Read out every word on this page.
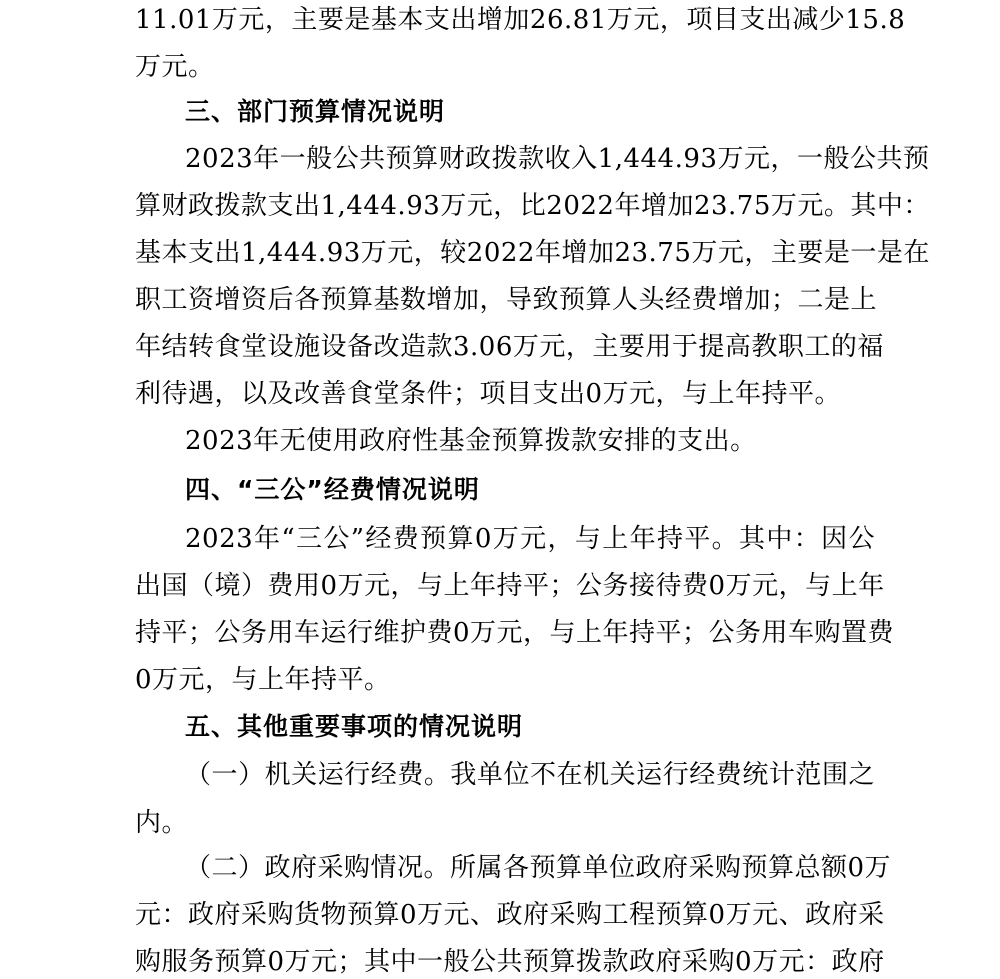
11.01万元，主要是基本支出增加26.81万元，项目支出减少15.8
万元。
三、部门预算情况说明
2023年一般公共预算财政拨款收入1,444.93万元，一般公共预
算财政拨款支出1,444.93万元，比2022年增加23.75万元。其中：
基本支出1,444.93万元，较2022年增加23.75万元，主要是一是在
职工资增资后各预算基数增加，导致预算人头经费增加；二是上
年结转食堂设施设备改造款3.06万元，主要用于提高教职工的福
利待遇，以及改善食堂条件；项目支出0万元，与上年持平。
2023年无使用政府性基金预算拨款安排的支出。
四、“三公”经费情况说明
2023年“三公”经费预算0万元，与上年持平。其中：因公
出国（境）费用0万元，与上年持平；公务接待费0万元，与上年
持平；公务用车运行维护费0万元，与上年持平；公务用车购置费
0万元，与上年持平。
五、其他重要事项的情况说明
（一）机关运行经费。我单位不在机关运行经费统计范围之
内。
（二）政府采购情况。所属各预算单位政府采购预算总额0万
元：政府采购货物预算0万元、政府采购工程预算0万元、政府采
购服务预算0万元；其中一般公共预算拨款政府采购0万元：政府
